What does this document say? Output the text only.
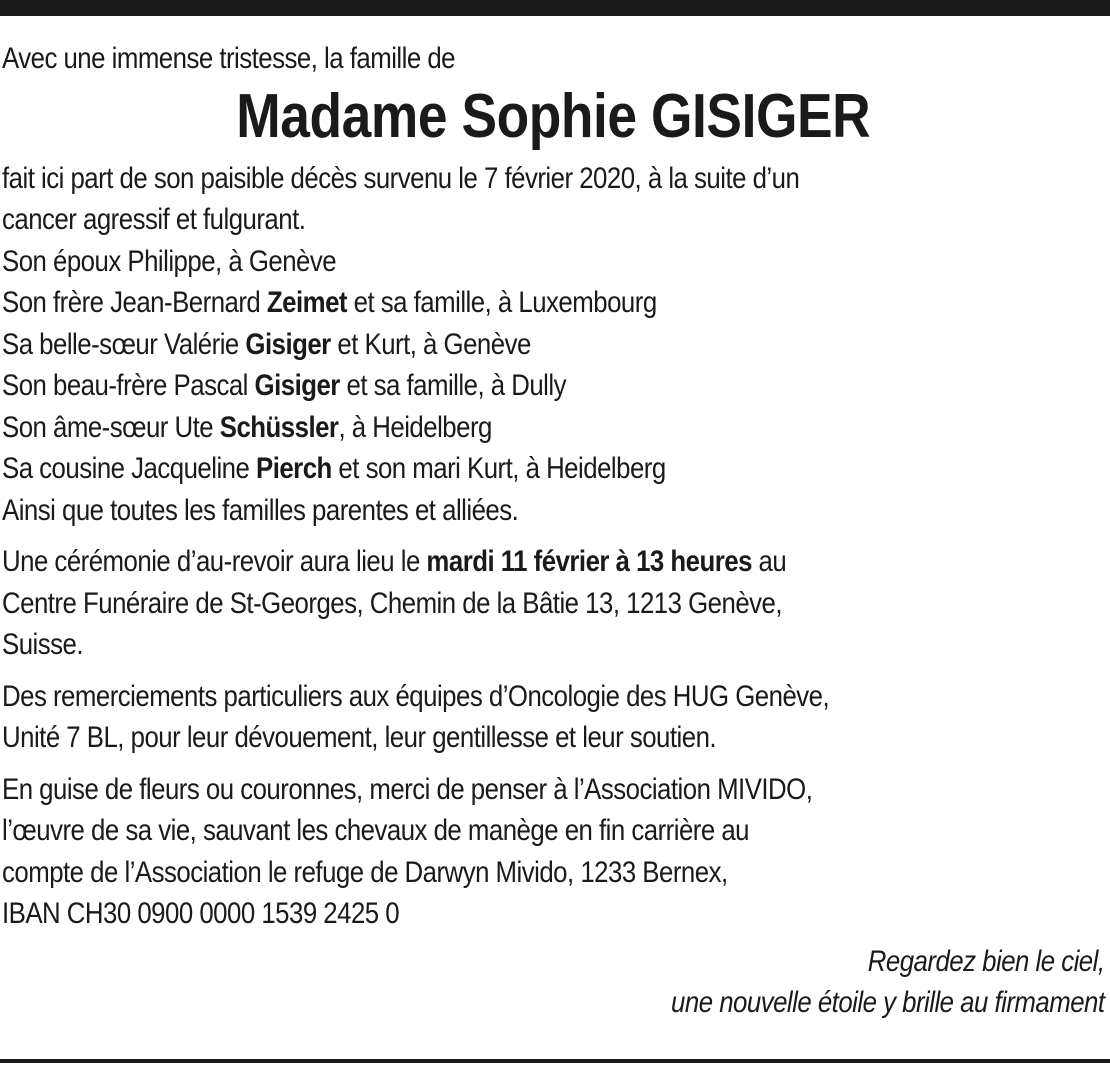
Avec une immense tristesse, la famille de

Madame Sophie GISIGER

fait ici part de son paisible décès survenu le 7 février 2020, à la suite d’un

cancer agressif et fulgurant.

Son époux Philippe, à Genève

Son frère Jean-Bernard Zeimet et sa famille, à Luxembourg

Sa belle-sœur Valérie Gisiger et Kurt, à Genève

Son beau-frère Pascal Gisiger et sa famille, à Dully

Son âme-sœur Ute Schüssler, à Heidelberg

Sa cousine Jacqueline Pierch et son mari Kurt, à Heidelberg

Ainsi que toutes les familles parentes et alliées.

Une cérémonie d’au-revoir aura lieu le mardi 11 février à 13 heures au

Centre Funéraire de St-Georges, Chemin de la Bâtie 13, 1213 Genève,

Suisse.

Des remerciements particuliers aux équipes d’Oncologie des HUG Genève,

Unité 7 BL, pour leur dévouement, leur gentillesse et leur soutien.

En guise de fleurs ou couronnes, merci de penser à l’Association MIVIDO,

l’œuvre de sa vie, sauvant les chevaux de manège en fin carrière au

compte de l’Association le refuge de Darwyn Mivido, 1233 Bernex,

IBAN CH30 0900 0000 1539 2425 0

Regardez bien le ciel,

une nouvelle étoile y brille au firmament
